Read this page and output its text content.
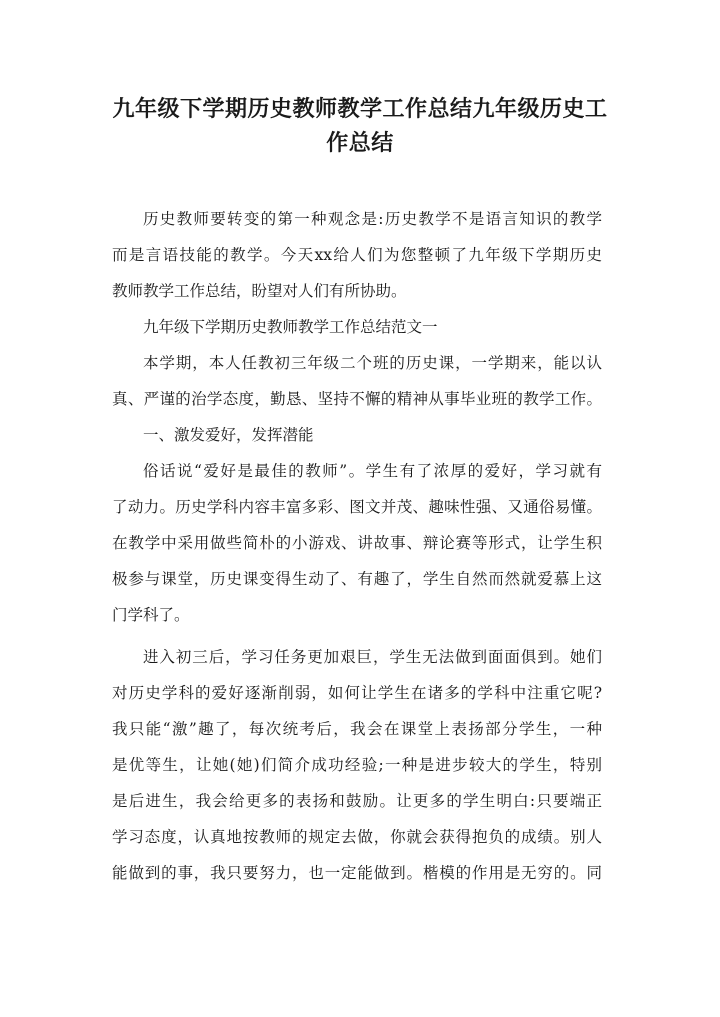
九年级下学期历史教师教学工作总结九年级历史工
作总结
历史教师要转变的第一种观念是:历史教学不是语言知识的教学
而是言语技能的教学。今天xx给人们为您整顿了九年级下学期历史
教师教学工作总结，盼望对人们有所协助。
九年级下学期历史教师教学工作总结范文一
本学期，本人任教初三年级二个班的历史课，一学期来，能以认
真、严谨的治学态度，勤恳、坚持不懈的精神从事毕业班的教学工作。
一、激发爱好，发挥潜能
俗话说“爱好是最佳的教师”。学生有了浓厚的爱好，学习就有
了动力。历史学科内容丰富多彩、图文并茂、趣味性强、又通俗易懂。
在教学中采用做些简朴的小游戏、讲故事、辩论赛等形式，让学生积
极参与课堂，历史课变得生动了、有趣了，学生自然而然就爱慕上这
门学科了。
进入初三后，学习任务更加艰巨，学生无法做到面面俱到。她们
对历史学科的爱好逐渐削弱，如何让学生在诸多的学科中注重它呢?
我只能“激”趣了，每次统考后，我会在课堂上表扬部分学生，一种
是优等生，让她(她)们简介成功经验;一种是进步较大的学生，特别
是后进生，我会给更多的表扬和鼓励。让更多的学生明白:只要端正
学习态度，认真地按教师的规定去做，你就会获得抱负的成绩。别人
能做到的事，我只要努力，也一定能做到。楷模的作用是无穷的。同
